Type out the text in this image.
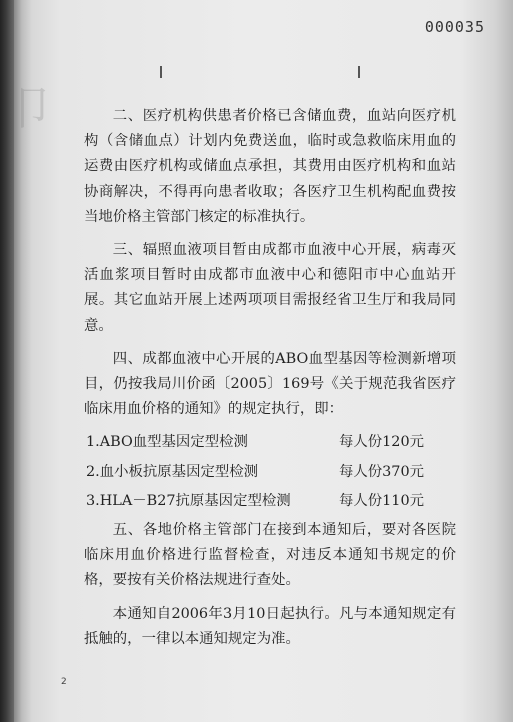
卩
000035

二、医疗机构供患者价格已含储血费，血站向医疗机构（含储血点）计划内免费送血，临时或急救临床用血的运费由医疗机构或储血点承担，其费用由医疗机构和血站协商解决，不得再向患者收取；各医疗卫生机构配血费按当地价格主管部门核定的标准执行。

三、辐照血液项目暂由成都市血液中心开展，病毒灭活血浆项目暂时由成都市血液中心和德阳市中心血站开展。其它血站开展上述两项项目需报经省卫生厅和我局同意。

四、成都血液中心开展的ABO血型基因等检测新增项目，仍按我局川价函〔2005〕169号《关于规范我省医疗临床用血价格的通知》的规定执行，即：

1.ABO血型基因定型检测	每人份120元
2.血小板抗原基因定型检测	每人份370元
3.HLA－B27抗原基因定型检测	每人份110元

五、各地价格主管部门在接到本通知后，要对各医院临床用血价格进行监督检查，对违反本通知书规定的价格，要按有关价格法规进行查处。

本通知自2006年3月10日起执行。凡与本通知规定有抵触的，一律以本通知规定为准。

2
